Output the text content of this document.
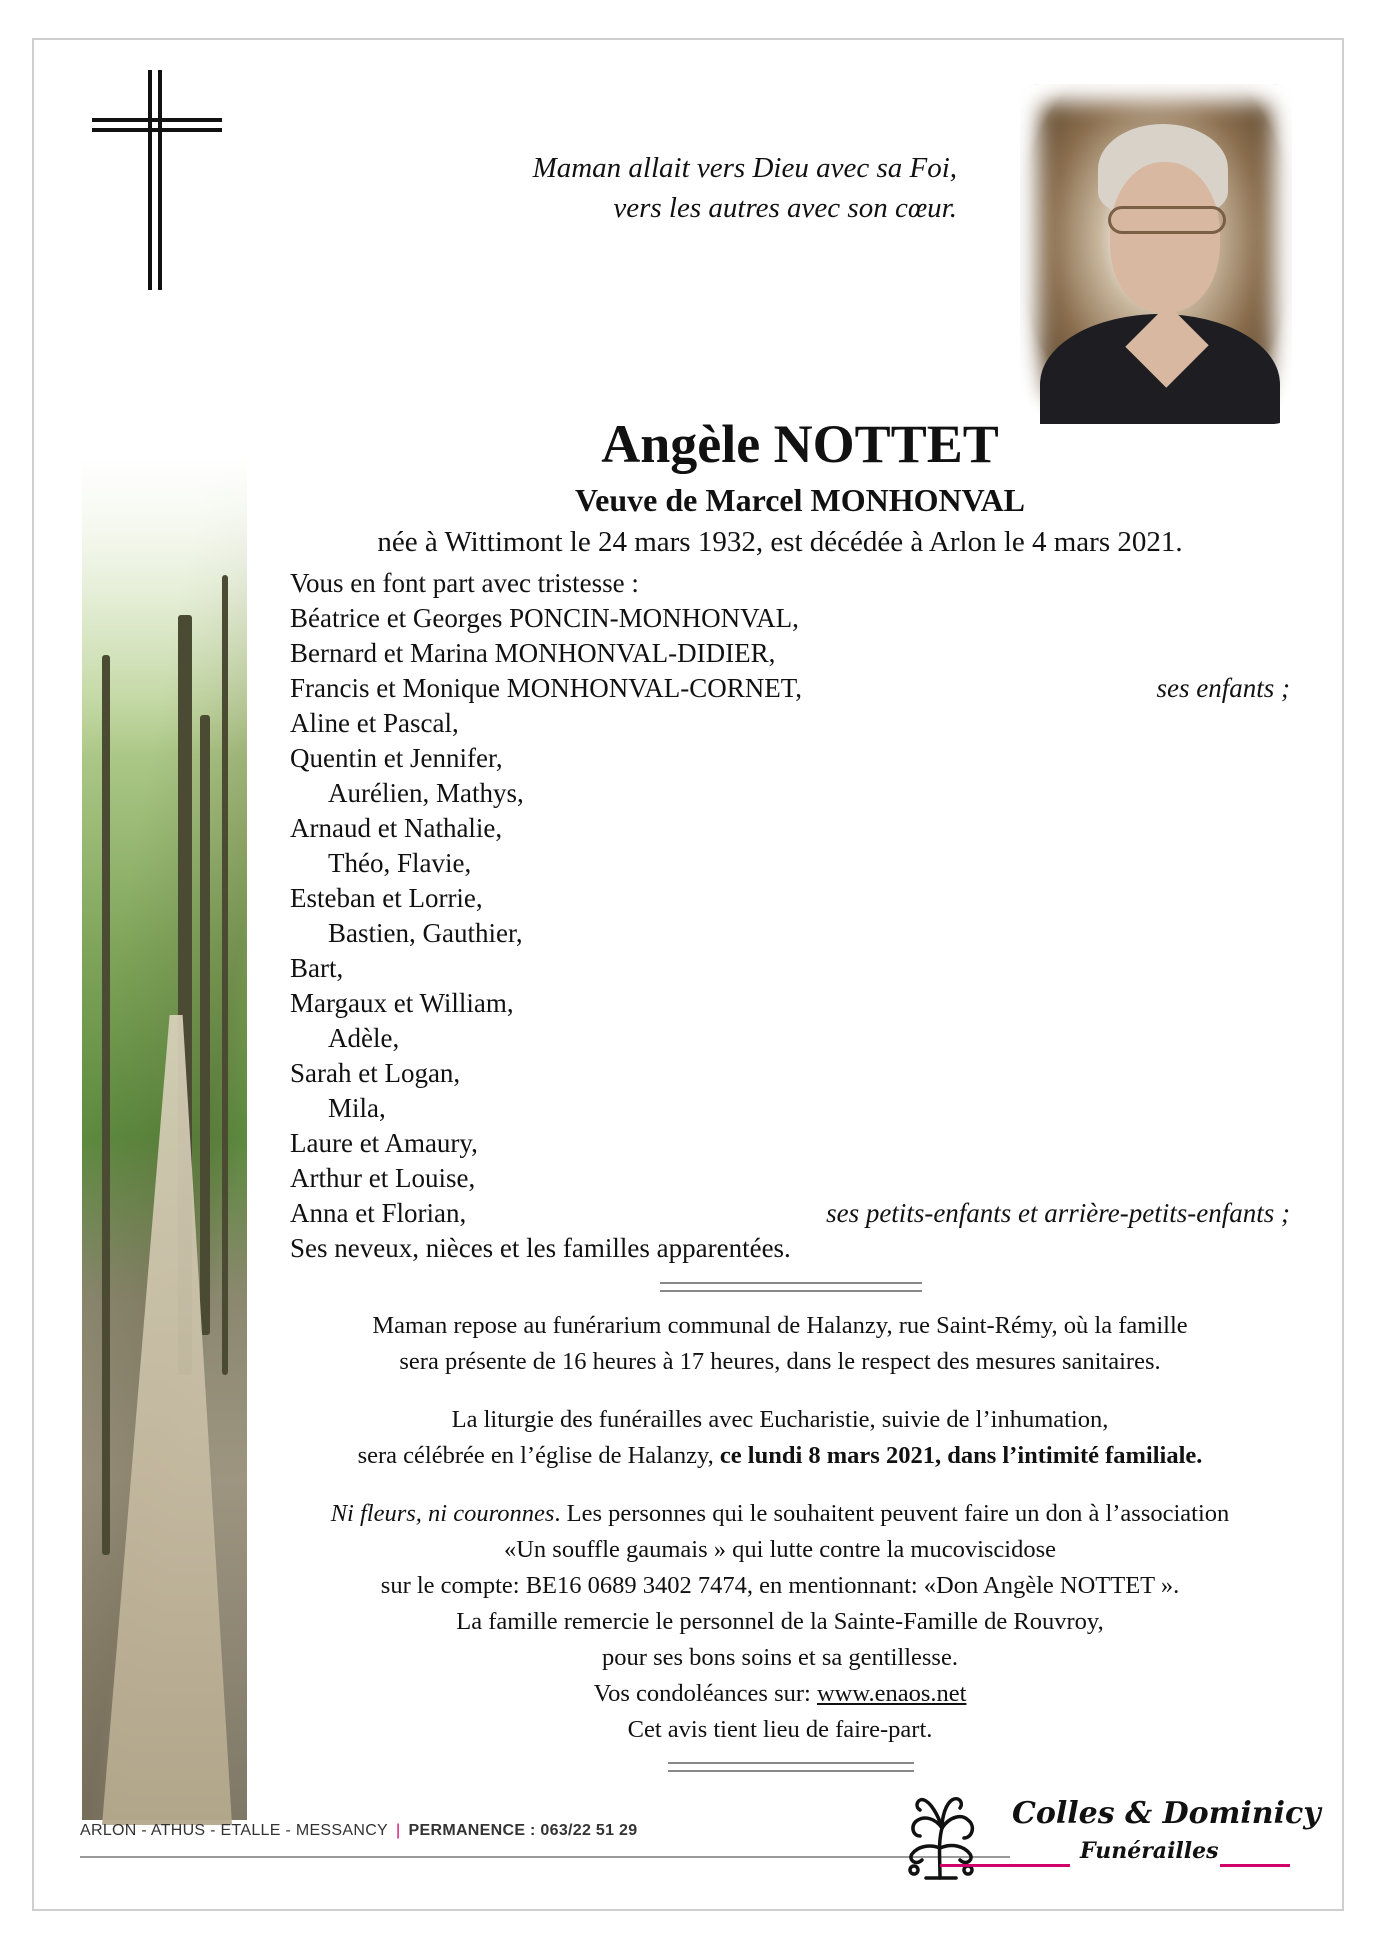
Maman allait vers Dieu avec sa Foi,
vers les autres avec son cœur.
Angèle NOTTET
Veuve de Marcel MONHONVAL
née à Wittimont le 24 mars 1932, est décédée à Arlon le 4 mars 2021.
Vous en font part avec tristesse :
Béatrice et Georges PONCIN-MONHONVAL,
Bernard et Marina MONHONVAL-DIDIER,
Francis et Monique MONHONVAL-CORNET,	ses enfants ;
Aline et Pascal,
Quentin et Jennifer,
Aurélien, Mathys,
Arnaud et Nathalie,
Théo, Flavie,
Esteban et Lorrie,
Bastien, Gauthier,
Bart,
Margaux et William,
Adèle,
Sarah et Logan,
Mila,
Laure et Amaury,
Arthur et Louise,
Anna et Florian,	ses petits-enfants et arrière-petits-enfants ;
Ses neveux, nièces et les familles apparentées.

Maman repose au funérarium communal de Halanzy, rue Saint-Rémy, où la famille

sera présente de 16 heures à 17 heures, dans le respect des mesures sanitaires.

La liturgie des funérailles avec Eucharistie, suivie de l’inhumation,

sera célébrée en l’église de Halanzy, ce lundi 8 mars 2021, dans l’intimité familiale.

Ni fleurs, ni couronnes. Les personnes qui le souhaitent peuvent faire un don à l’association

«Un souffle gaumais » qui lutte contre la mucoviscidose

sur le compte: BE16 0689 3402 7474, en mentionnant: «Don Angèle NOTTET ».

La famille remercie le personnel de la Sainte-Famille de Rouvroy,

pour ses bons soins et sa gentillesse.

Vos condoléances sur: www.enaos.net

Cet avis tient lieu de faire-part.

ARLON - ATHUS - ETALLE - MESSANCY | PERMANENCE : 063/22 51 29	Colles & Dominicy
Funérailles
